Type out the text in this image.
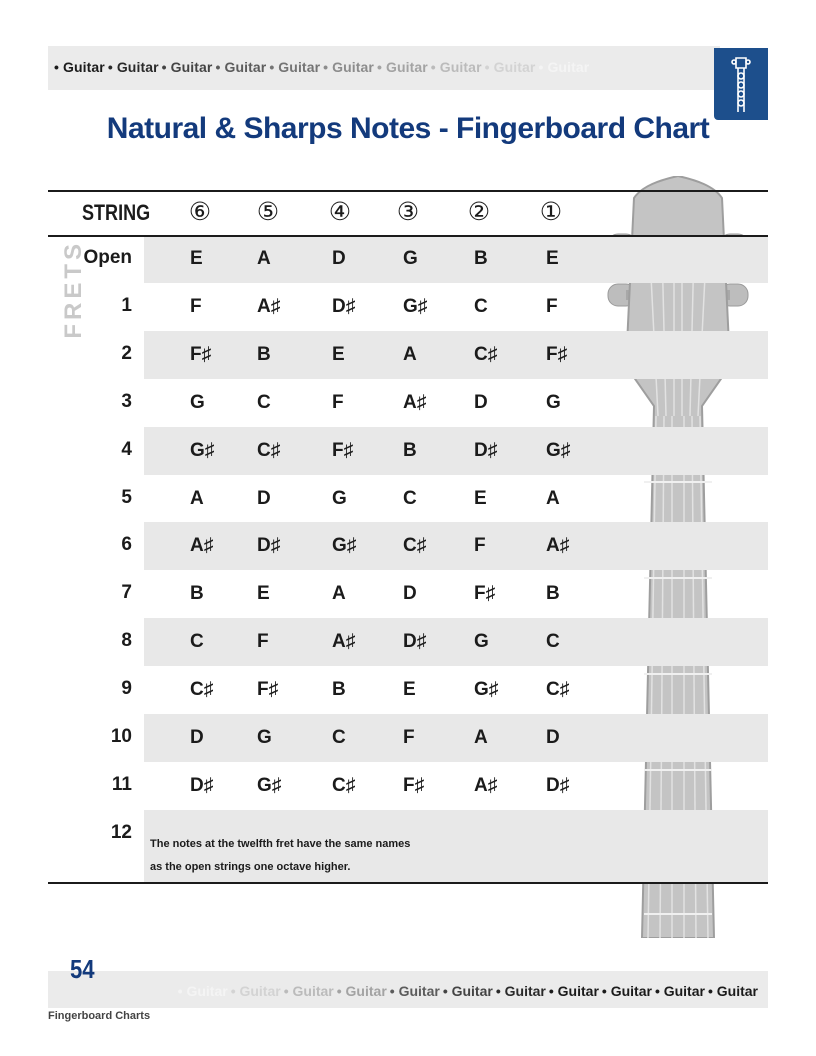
• Guitar • Guitar • Guitar • Guitar • Guitar • Guitar • Guitar • Guitar • Guitar • Guitar
Natural & Sharps Notes - Fingerboard Chart
STRING ⑥ ⑤ ④ ③ ② ①
FRETS
Open	E	A	D	G	B	E
1	F	A♯	D♯	G♯	C	F
2	F♯	B	E	A	C♯	F♯
3	G	C	F	A♯	D	G
4	G♯	C♯	F♯	B	D♯	G♯
5	A	D	G	C	E	A
6	A♯	D♯	G♯	C♯	F	A♯
7	B	E	A	D	F♯	B
8	C	F	A♯	D♯	G	C
9	C♯	F♯	B	E	G♯	C♯
10	D	G	C	F	A	D
11	D♯	G♯	C♯	F♯	A♯	D♯
12
The notes at the twelfth fret have the same names
as the open strings one octave higher.
• Guitar • Guitar • Guitar • Guitar • Guitar • Guitar • Guitar • Guitar • Guitar • Guitar • Guitar
54
Fingerboard Charts
